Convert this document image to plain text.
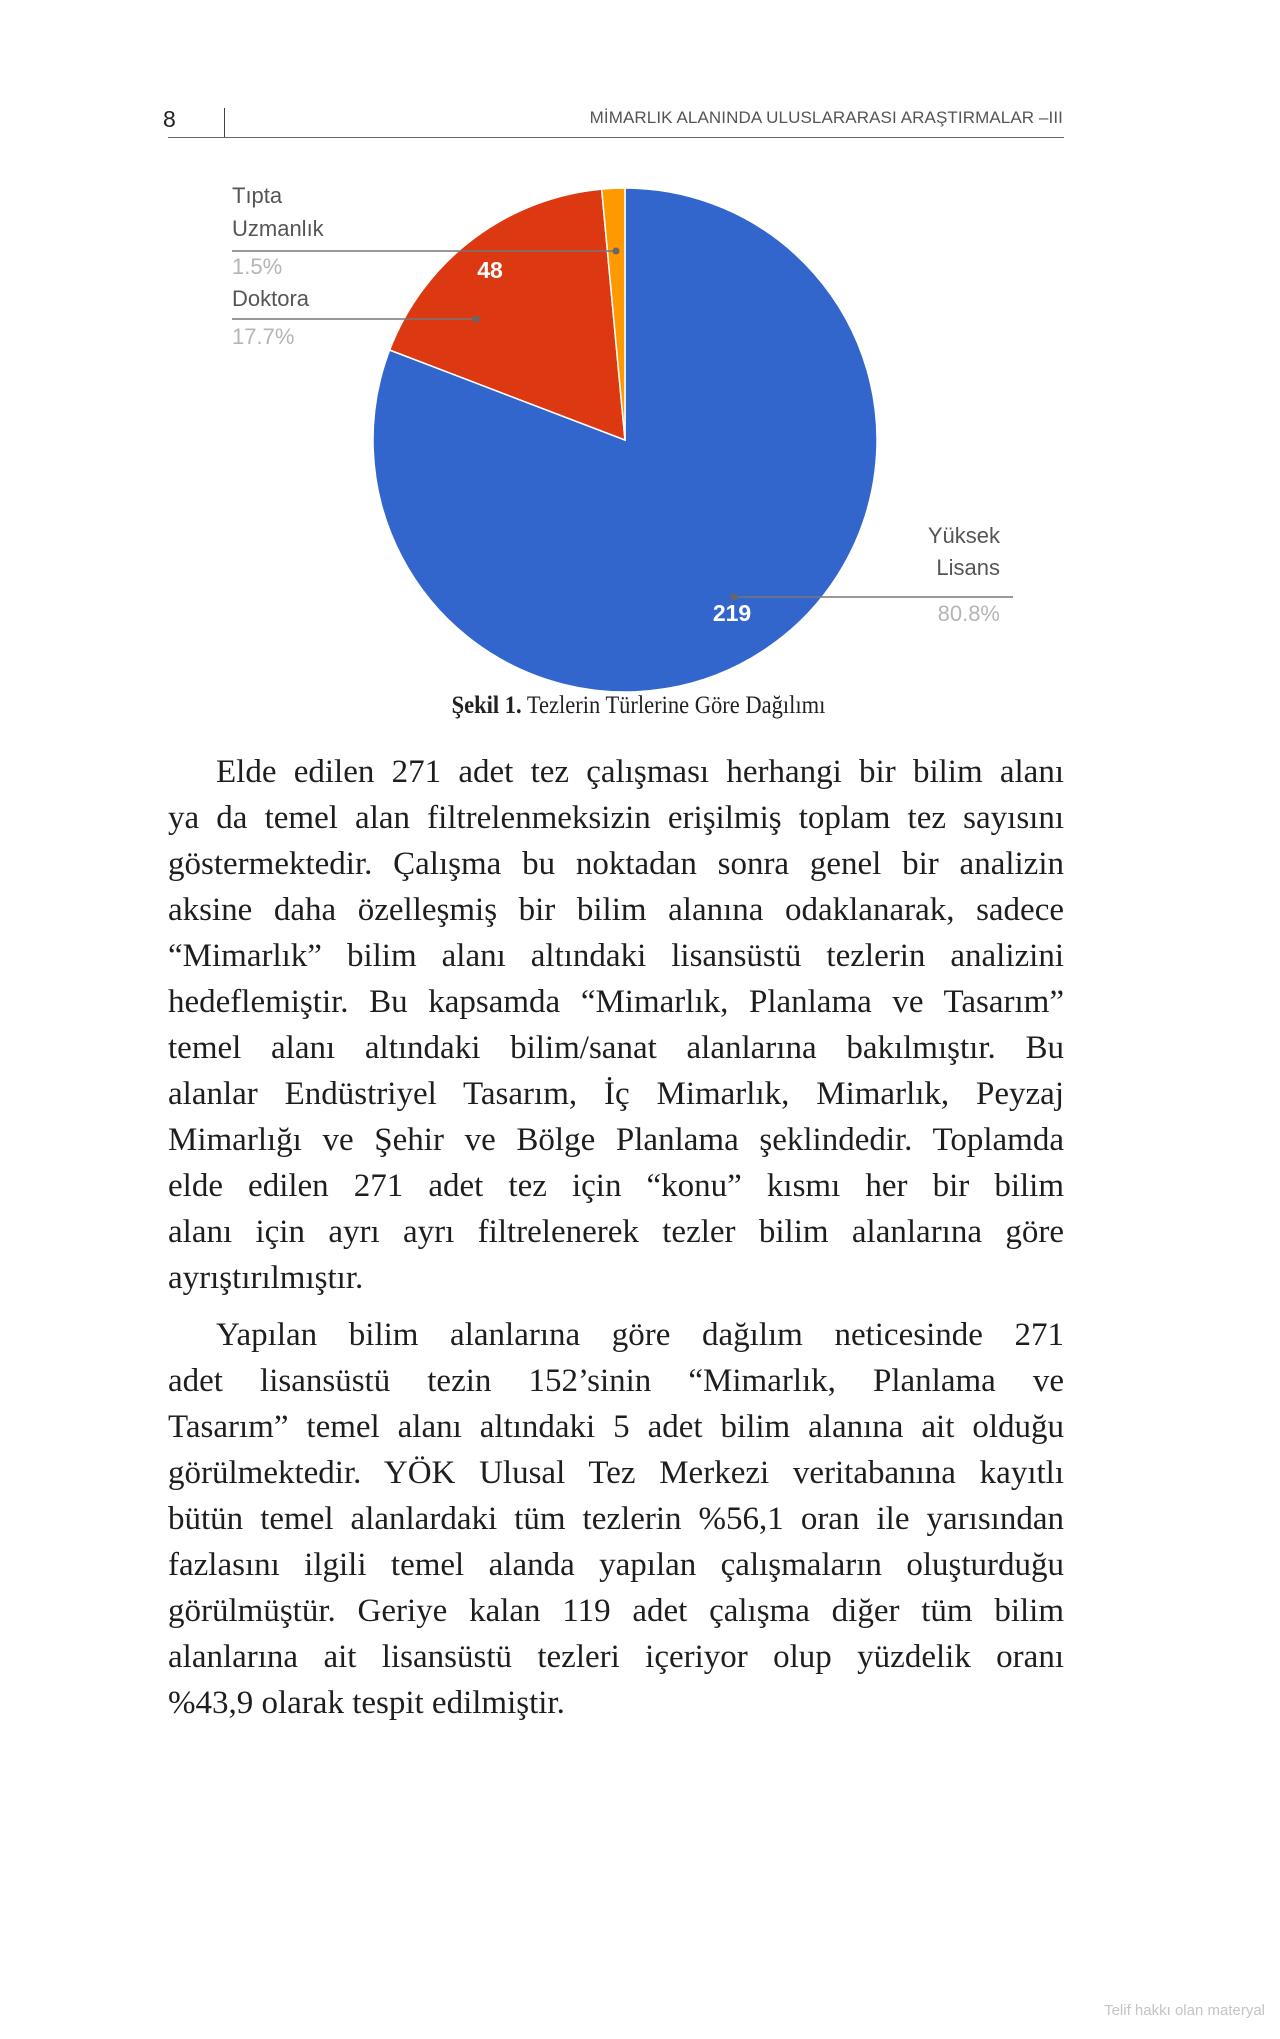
8	MİMARLIK ALANINDA ULUSLARARASI ARAŞTIRMALAR –III
Yüksek
Lisans
80.8%
219
Doktora
17.7%
48
Tıpta
Uzmanlık
1.5%
Şekil 1. Tezlerin Türlerine Göre Dağılımı
Elde edilen 271 adet tez çalışması herhangi bir bilim alanı
ya da temel alan filtrelenmeksizin erişilmiş toplam tez sayısını
göstermektedir. Çalışma bu noktadan sonra genel bir analizin
aksine daha özelleşmiş bir bilim alanına odaklanarak, sadece
“Mimarlık” bilim alanı altındaki lisansüstü tezlerin analizini
hedeflemiştir. Bu kapsamda “Mimarlık, Planlama ve Tasarım”
temel alanı altındaki bilim/sanat alanlarına bakılmıştır. Bu
alanlar Endüstriyel Tasarım, İç Mimarlık, Mimarlık, Peyzaj
Mimarlığı ve Şehir ve Bölge Planlama şeklindedir. Toplamda
elde edilen 271 adet tez için “konu” kısmı her bir bilim
alanı için ayrı ayrı filtrelenerek tezler bilim alanlarına göre
ayrıştırılmıştır.
Yapılan bilim alanlarına göre dağılım neticesinde 271
adet lisansüstü tezin 152’sinin “Mimarlık, Planlama ve
Tasarım” temel alanı altındaki 5 adet bilim alanına ait olduğu
görülmektedir. YÖK Ulusal Tez Merkezi veritabanına kayıtlı
bütün temel alanlardaki tüm tezlerin %56,1 oran ile yarısından
fazlasını ilgili temel alanda yapılan çalışmaların oluşturduğu
görülmüştür. Geriye kalan 119 adet çalışma diğer tüm bilim
alanlarına ait lisansüstü tezleri içeriyor olup yüzdelik oranı
%43,9 olarak tespit edilmiştir.
Telif hakkı olan materyal
